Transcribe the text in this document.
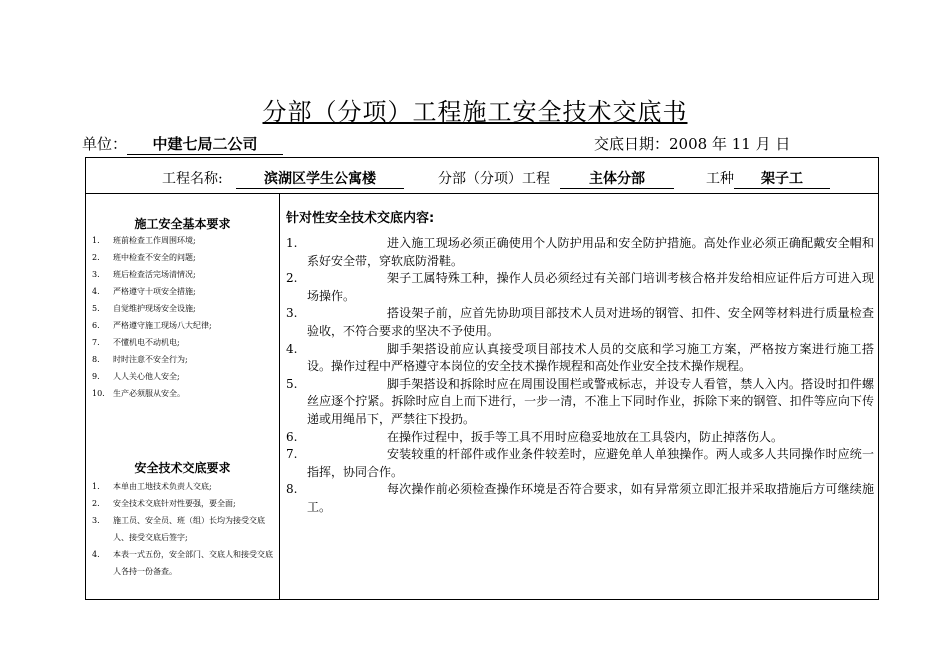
分部（分项）工程施工安全技术交底书
单位： 中建七局二公司	交底日期：2008 年 11 月 日
工程名称:	滨湖区学生公寓楼	分部（分项）工程	主体分部	工种	架子工
施工安全基本要求
1. 班前检查工作周围环境;
2. 班中检查不安全的问题;
3. 班后检查活完场清情况;
4. 严格遵守十项安全措施;
5. 自觉维护现场安全设施;
6. 严格遵守施工现场八大纪律;
7. 不懂机电不动机电;
8. 时时注意不安全行为;
9. 人人关心他人安全;
10. 生产必须服从安全。
安全技术交底要求
1. 本单由工地技术负责人交底;
2. 安全技术交底针对性要强，要全面;
3. 施工员、安全员、班（组）长均为接受交底人、接受交底后签字;
4. 本表一式五份，安全部门、交底人和接受交底人各持一份备查。
针对性安全技术交底内容:
1.	进入施工现场必须正确使用个人防护用品和安全防护措施。高处作业必须正确配戴安全帽和系好安全带，穿软底防滑鞋。
2.	架子工属特殊工种，操作人员必须经过有关部门培训考核合格并发给相应证件后方可进入现场操作。
3.	搭设架子前，应首先协助项目部技术人员对进场的钢管、扣件、安全网等材料进行质量检查验收，不符合要求的坚决不予使用。
4.	脚手架搭设前应认真接受项目部技术人员的交底和学习施工方案，严格按方案进行施工搭设。操作过程中严格遵守本岗位的安全技术操作规程和高处作业安全技术操作规程。
5.	脚手架搭设和拆除时应在周围设围栏或警戒标志，并设专人看管，禁人入内。搭设时扣件螺丝应逐个拧紧。拆除时应自上而下进行，一步一清，不准上下同时作业，拆除下来的钢管、扣件等应向下传递或用绳吊下，严禁往下投扔。
6.	在操作过程中，扳手等工具不用时应稳妥地放在工具袋内，防止掉落伤人。
7.	安装较重的杆部件或作业条件较差时，应避免单人单独操作。两人或多人共同操作时应统一指挥，协同合作。
8.	每次操作前必须检查操作环境是否符合要求，如有异常须立即汇报并采取措施后方可继续施工。
